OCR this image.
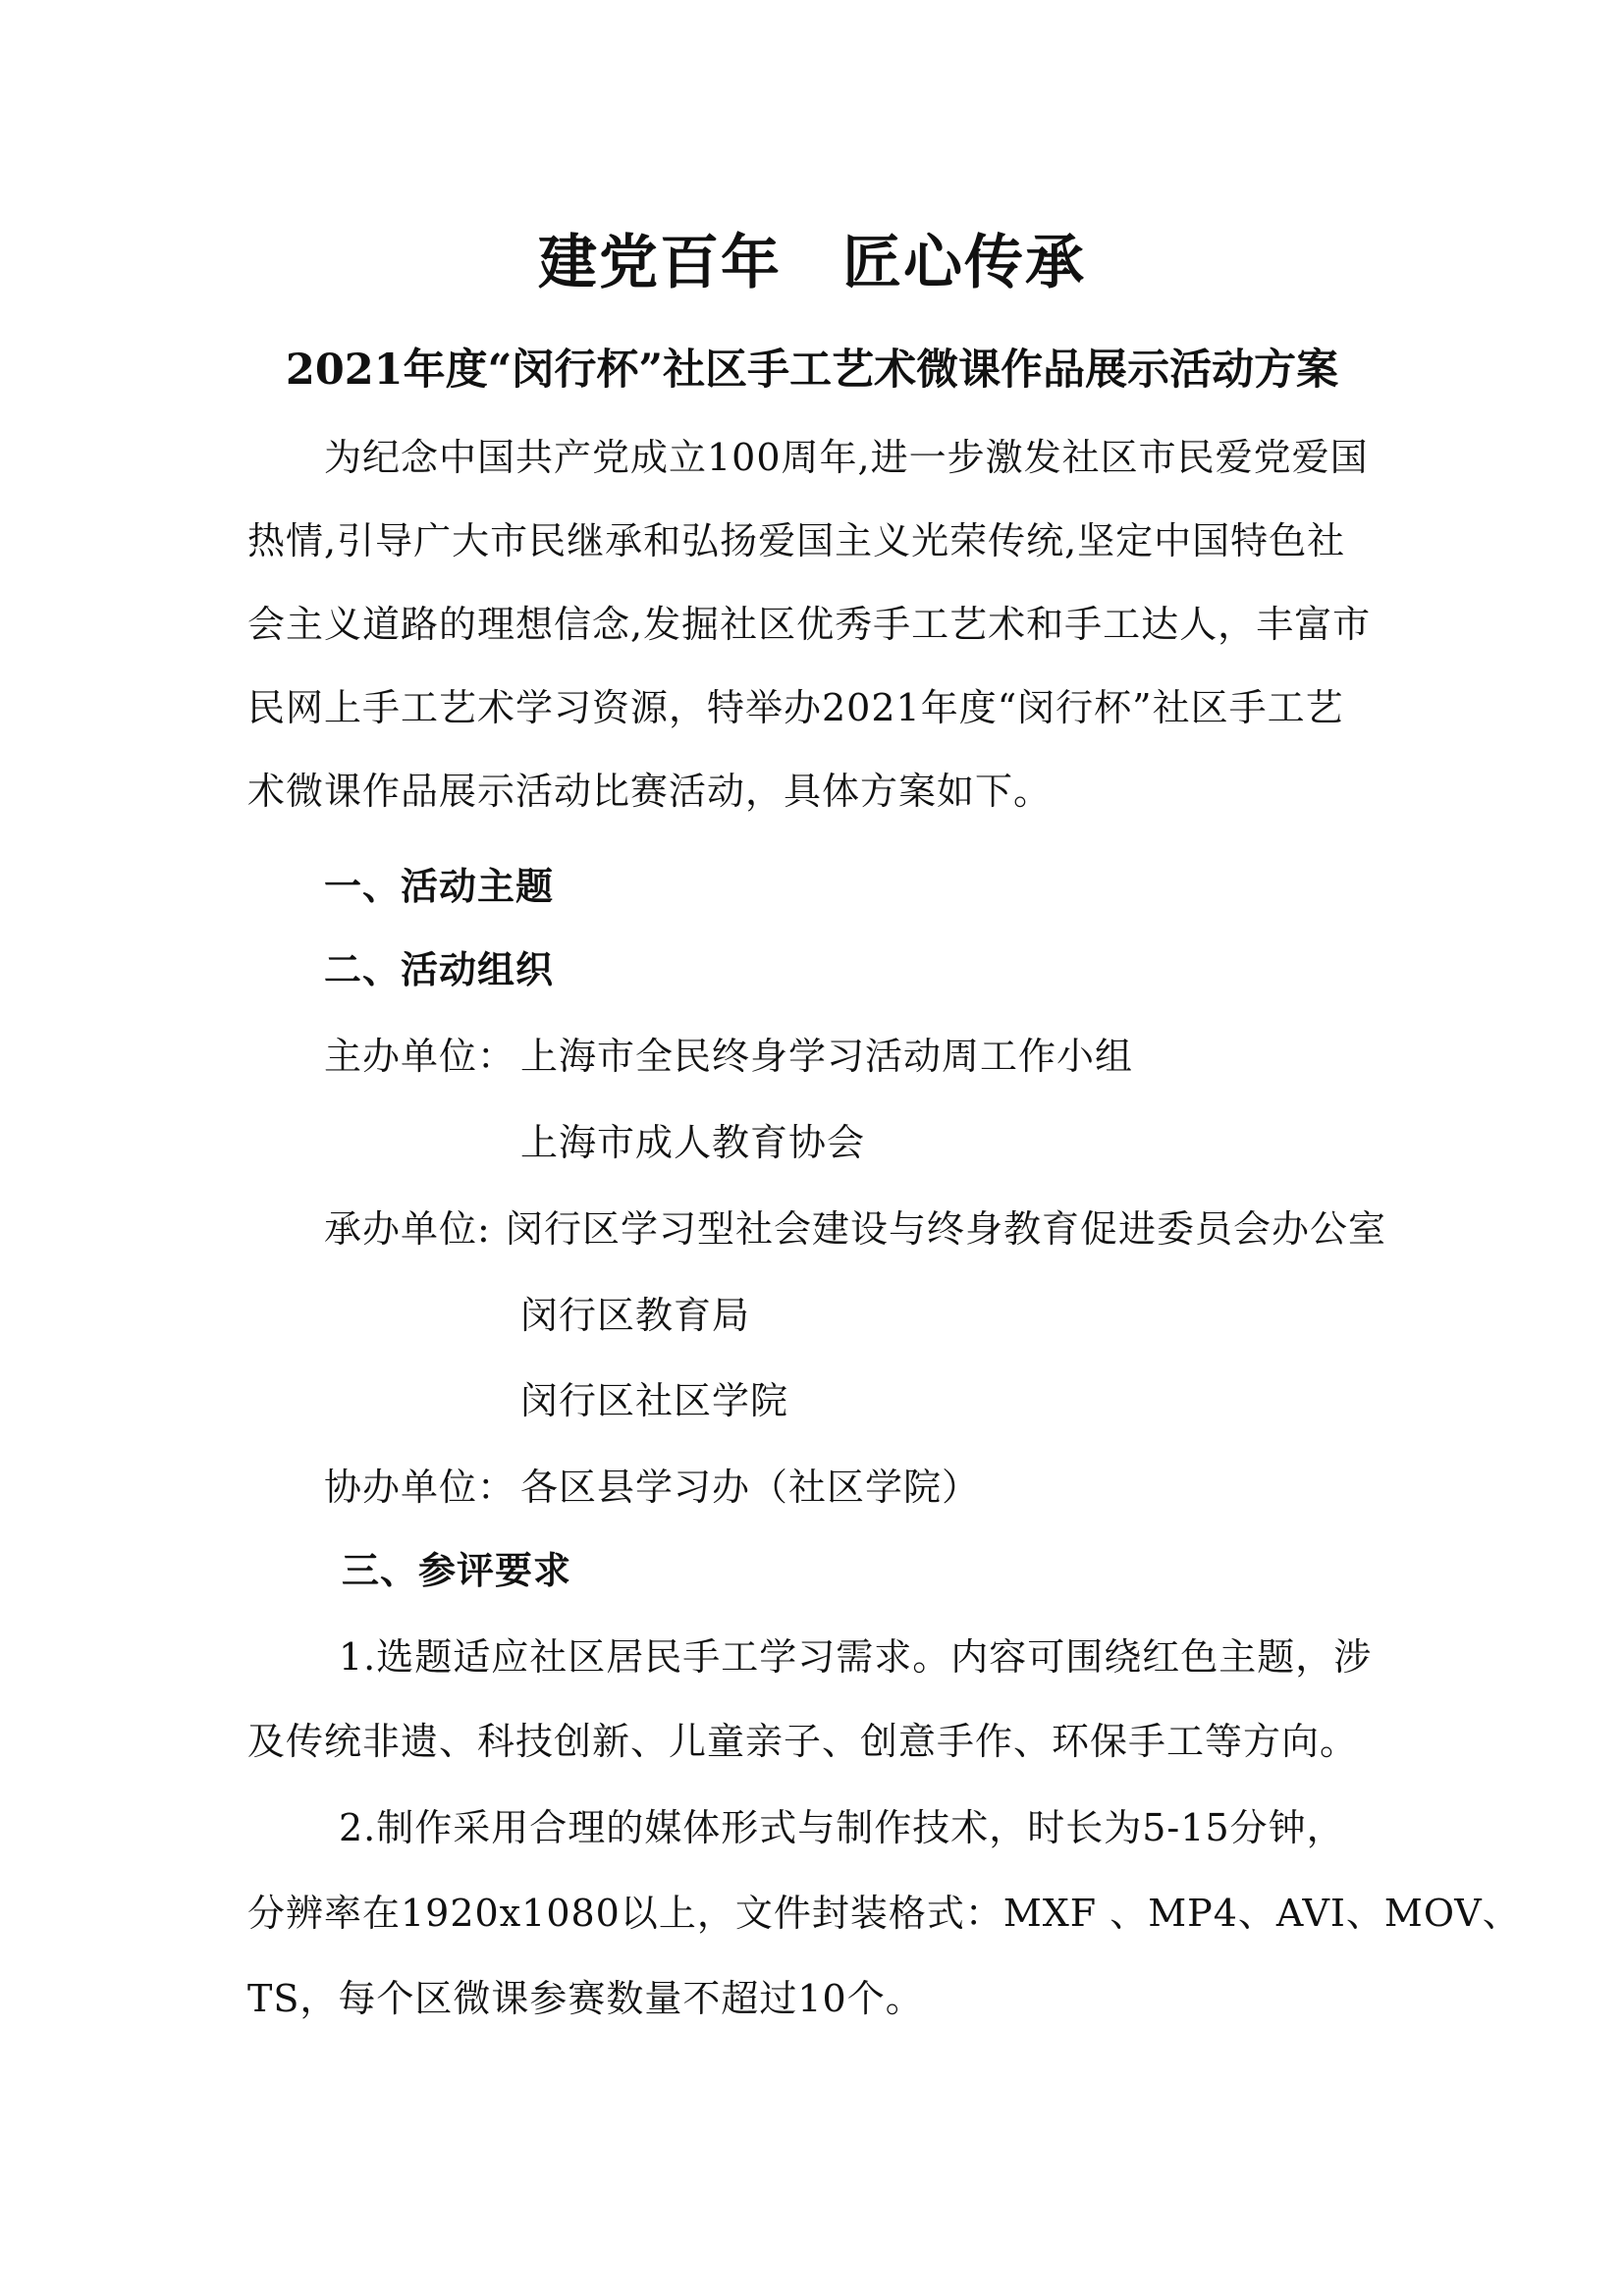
建党百年　匠心传承
2021年度“闵行杯”社区手工艺术微课作品展示活动方案
为纪念中国共产党成立100周年,进一步激发社区市民爱党爱国
热情,引导广大市民继承和弘扬爱国主义光荣传统,坚定中国特色社
会主义道路的理想信念,发掘社区优秀手工艺术和手工达人，丰富市
民网上手工艺术学习资源，特举办2021年度“闵行杯”社区手工艺
术微课作品展示活动比赛活动，具体方案如下。
一、活动主题
二、活动组织
主办单位： 上海市全民终身学习活动周工作小组
上海市成人教育协会
承办单位: 闵行区学习型社会建设与终身教育促进委员会办公室
闵行区教育局
闵行区社区学院
协办单位： 各区县学习办（社区学院）
三、参评要求
1.选题适应社区居民手工学习需求。内容可围绕红色主题，涉
及传统非遗、科技创新、儿童亲子、创意手作、环保手工等方向。
2.制作采用合理的媒体形式与制作技术，时长为5-15分钟，
分辨率在1920x1080以上，文件封装格式：MXF 、MP4、AVI、MOV、
TS，每个区微课参赛数量不超过10个。
